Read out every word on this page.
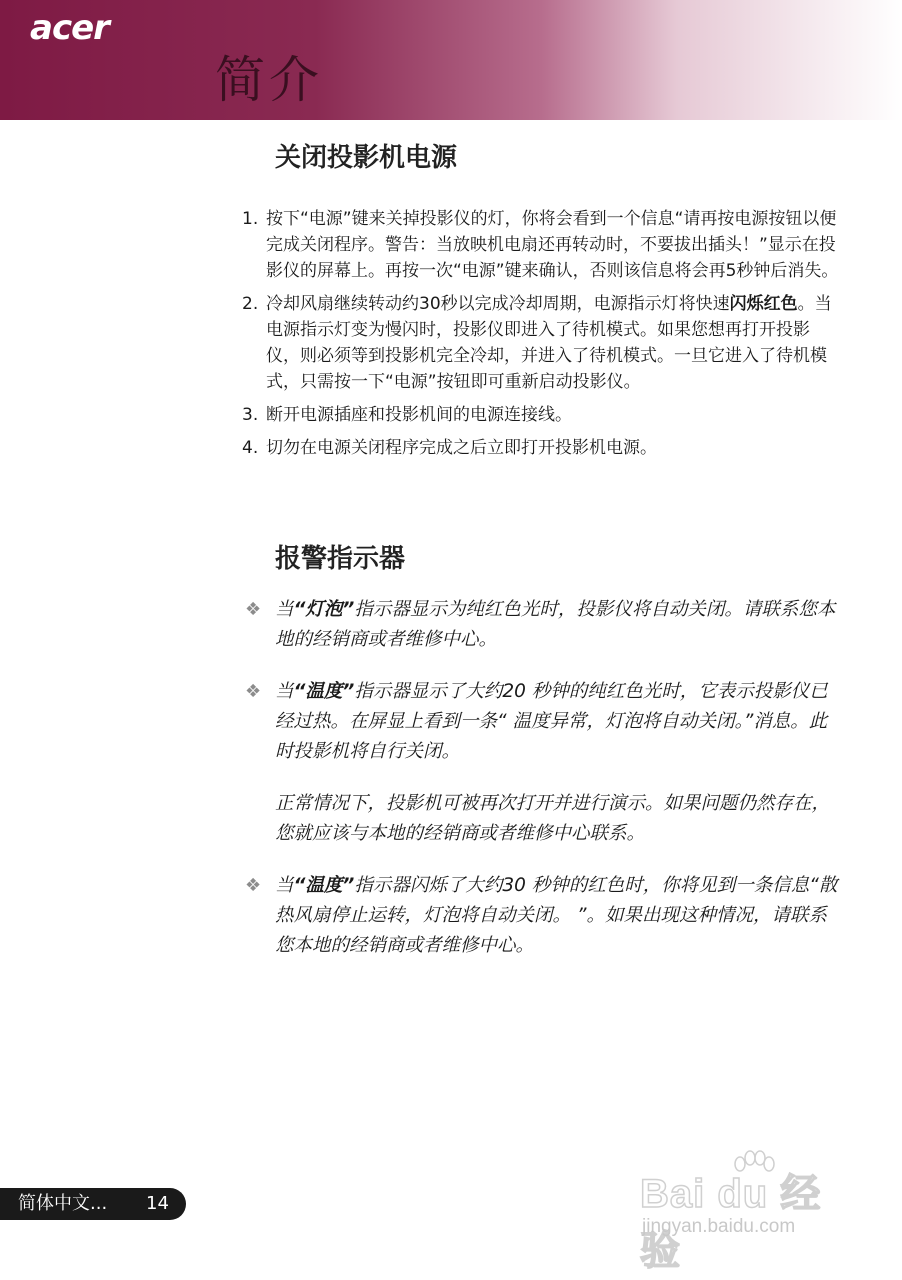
acer
简介
关闭投影机电源
1. 按下“电源”键来关掉投影仪的灯，你将会看到一个信息“请再按电源按钮以便完成关闭程序。警告：当放映机电扇还再转动时，不要拔出插头！”显示在投影仪的屏幕上。再按一次“电源”键来确认，否则该信息将会再5秒钟后消失。
2. 冷却风扇继续转动约30秒以完成冷却周期，电源指示灯将快速闪烁红色。当电源指示灯变为慢闪时，投影仪即进入了待机模式。如果您想再打开投影仪，则必须等到投影机完全冷却，并进入了待机模式。一旦它进入了待机模式，只需按一下“电源”按钮即可重新启动投影仪。
3. 断开电源插座和投影机间的电源连接线。
4. 切勿在电源关闭程序完成之后立即打开投影机电源。
报警指示器
❖ 当“灯泡”指示器显示为纯红色光时，投影仪将自动关闭。请联系您本地的经销商或者维修中心。
❖ 当“温度”指示器显示了大约20 秒钟的纯红色光时，它表示投影仪已经过热。在屏显上看到一条“ 温度异常，灯泡将自动关闭。”消息。此时投影机将自行关闭。
正常情况下，投影机可被再次打开并进行演示。如果问题仍然存在，您就应该与本地的经销商或者维修中心联系。
❖ 当“温度”指示器闪烁了大约30 秒钟的红色时，你将见到一条信息“散热风扇停止运转，灯泡将自动关闭。 ”。如果出现这种情况，请联系您本地的经销商或者维修中心。
简体中文... 14	Bai du 经验
jingyan.baidu.com
